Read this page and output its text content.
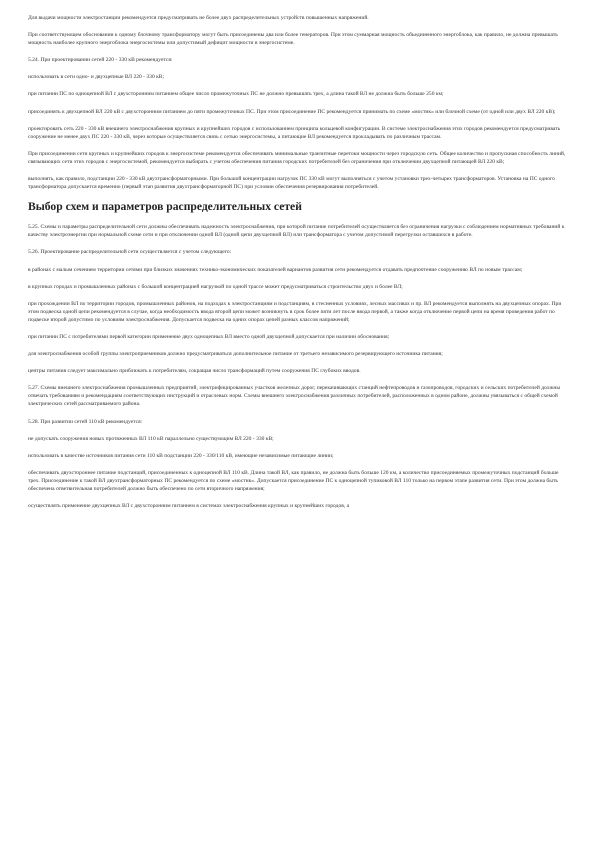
Для выдачи мощности электростанции рекомендуется предусматривать не более двух распределительных устройств повышенных напряжений.

При соответствующем обосновании к одному блочному трансформатору могут быть присоединены два или более генераторов. При этом суммарная мощность объединенного энергоблока, как правило, не должна превышать мощность наиболее крупного энергоблока энергосистемы или допустимый дефицит мощности в энергосистеме.

5.24. При проектировании сетей 220 - 330 кВ рекомендуется:

использовать в сети одно- и двухцепные ВЛ 220 - 330 кВ;

при питании ПС по одноцепной ВЛ с двухсторонним питанием общее число промежуточных ПС не должно превышать трех, а длина такой ВЛ не должна быть больше 250 км;

присоединять к двухцепной ВЛ 220 кВ с двухсторонним питанием до пяти промежуточных ПС. При этом присоединение ПС рекомендуется принимать по схеме «мостик» или блочной схеме (от одной или двух ВЛ 220 кВ);

проектировать сеть 220 - 330 кВ внешнего электроснабжения крупных и крупнейших городов с использованием принципа кольцевой конфигурации. В системе электроснабжения этих городов рекомендуется предусматривать сооружение не менее двух ПС 220 - 330 кВ, через которые осуществляется связь с сетью энергосистемы, а питающие ВЛ рекомендуется прокладывать по различным трассам.

При присоединении сети крупных и крупнейших городов к энергосистеме рекомендуется обеспечивать минимальные транзитные перетоки мощности через городскую сеть. Общее количество и пропускная способность линий, связывающих сети этих городов с энергосистемой, рекомендуется выбирать с учетом обеспечения питания городских потребителей без ограничения при отключении двухцепной питающей ВЛ 220 кВ;

выполнять, как правило, подстанции 220 - 330 кВ двухтрансформаторными. При большой концентрации нагрузок ПС 330 кВ могут выполняться с учетом установки трех-четырех трансформаторов. Установка на ПС одного трансформатора допускается временно (первый этап развития двухтрансформаторной ПС) при условии обеспечения резервирования потребителей.

Выбор схем и параметров распределительных сетей

5.25. Схемы и параметры распределительной сети должны обеспечивать надежность электроснабжения, при которой питание потребителей осуществляется без ограничения нагрузки с соблюдением нормативных требований к качеству электроэнергии при нормальной схеме сети и при отключении одной ВЛ (одной цепи двухцепной ВЛ) или трансформатора с учетом допустимой перегрузки оставшихся в работе.

5.26. Проектирование распределительной сети осуществляется с учетом следующего:

в районах с малым сечением территории сетями при близких значениях технико-экономических показателей вариантов развития сети рекомендуется отдавать предпочтение сооружению ВЛ по новым трассам;

в крупных городах и промышленных районах с большой концентрацией нагрузкой по одной трассе может предусматриваться строительство двух и более ВЛ;

при прохождении ВЛ по территории городов, промышленных районов, на подходах к электростанциям и подстанциям, в стесненных условиях, лесных массивах и пр. ВЛ рекомендуется выполнять на двухцепных опорах. При этом подвеска одной цепи рекомендуется в случае, когда необходимость ввода второй цепи может возникнуть в срок более пяти лет после ввода первой, а также когда отключение первой цепи на время проведения работ по подвеске второй допустимо по условиям электроснабжения. Допускается подвеска на одних опорах цепей разных классов напряжений;

при питании ПС с потребителями первой категории применение двух одноцепных ВЛ вместо одной двухцепной допускается при наличии обоснования;

для электроснабжения особой группы электроприемников должно предусматриваться дополнительное питание от третьего независимого резервирующего источника питания;

центры питания следует максимально приближать к потребителям, сокращая число трансформаций путем сооружения ПС глубоких вводов.

5.27. Схемы внешнего электроснабжения промышленных предприятий, электрифицированных участков железных дорог, перекачивающих станций нефтепроводов и газопроводов, городских и сельских потребителей должны отвечать требованиям и рекомендациям соответствующих инструкций и отраслевых норм. Схемы внешнего электроснабжения различных потребителей, расположенных в одном районе, должны увязываться с общей схемой электрических сетей рассматриваемого района.

5.28. При развитии сетей 110 кВ рекомендуется:

не допускать сооружения новых протяженных ВЛ 110 кВ параллельно существующим ВЛ 220 - 330 кВ;

использовать в качестве источников питания сети 110 кВ подстанции 220 - 330/110 кВ, имеющие независимые питающие линии;

обеспечивать двухстороннее питание подстанций, присоединенных к одноцепной ВЛ 110 кВ. Длина такой ВЛ, как правило, не должна быть больше 120 км, а количество присоединяемых промежуточных подстанций больше трех. Присоединение к такой ВЛ двухтрансформаторных ПС рекомендуется по схеме «мостик». Допускается присоединение ПС к одноцепной тупиковой ВЛ 110 только на первом этапе развития сети. При этом должна быть обеспечена ответвительная потребителей должно быть обеспечено по сети вторичного напряжения;

осуществлять применение двухцепных ВЛ с двухсторонним питанием в системах электроснабжения крупных и крупнейших городов, а
